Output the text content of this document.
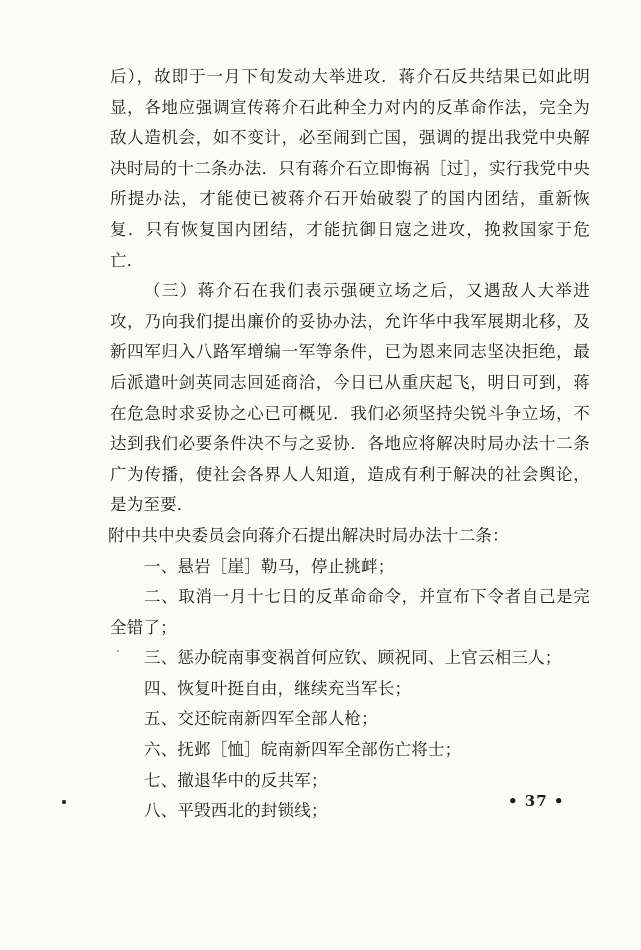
后），故即于一月下旬发动大举进攻．蒋介石反共结果已如此明
显，各地应强调宣传蒋介石此种全力对内的反革命作法，完全为
敌人造机会，如不变计，必至闹到亡国，强调的提出我党中央解
决时局的十二条办法．只有蒋介石立即悔祸［过］，实行我党中央
所提办法，才能使已被蒋介石开始破裂了的国内团结，重新恢
复．只有恢复国内团结，才能抗御日寇之进攻，挽救国家于危
亡．
（三）蒋介石在我们表示强硬立场之后，又遇敌人大举进
攻，乃向我们提出廉价的妥协办法，允许华中我军展期北移，及
新四军归入八路军增编一军等条件，已为恩来同志坚决拒绝，最
后派遣叶剑英同志回延商洽，今日已从重庆起飞，明日可到，蒋
在危急时求妥协之心已可概见．我们必须坚持尖锐斗争立场，不
达到我们必要条件决不与之妥协．各地应将解决时局办法十二条
广为传播，使社会各界人人知道，造成有利于解决的社会舆论，
是为至要．
附中共中央委员会向蒋介石提出解决时局办法十二条：
一、悬岩［崖］勒马，停止挑衅；
二、取消一月十七日的反革命命令，并宣布下令者自己是完
全错了；
三、惩办皖南事变祸首何应钦、顾祝同、上官云相三人；
四、恢复叶挺自由，继续充当军长；
五、交还皖南新四军全部人枪；
六、抚邺［恤］皖南新四军全部伤亡将士；
七、撤退华中的反共军；
八、平毁西北的封锁线；
• 37 •
